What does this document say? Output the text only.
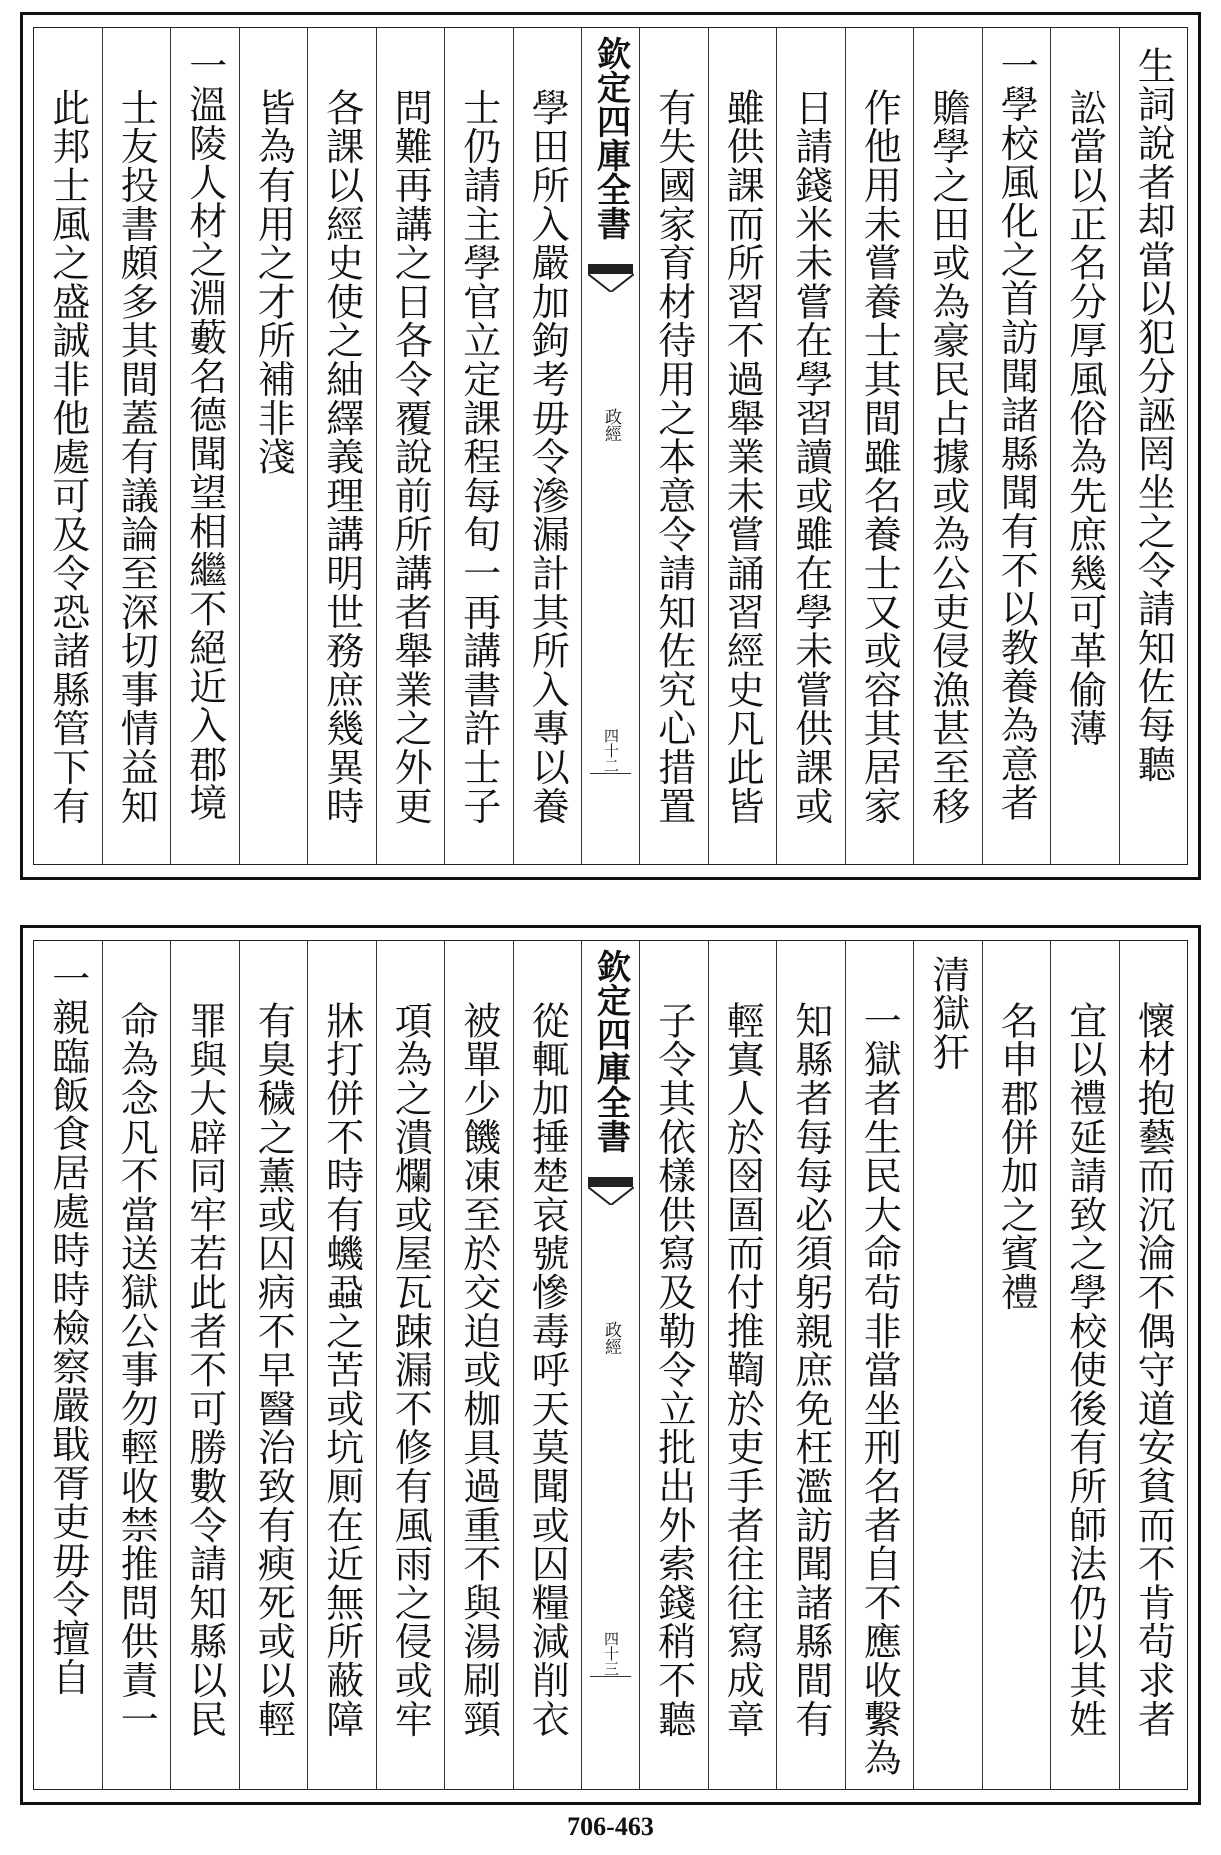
生詞說者却當以犯分誣罔坐之令請知佐每聽
訟當以正名分厚風俗為先庶幾可革偷薄
一學校風化之首訪聞諸縣聞有不以教養為意者
贍學之田或為豪民占據或為公吏侵漁甚至移
作他用未嘗養士其間雖名養士又或容其居家
日請錢米未嘗在學習讀或雖在學未嘗供課或
雖供課而所習不過舉業未嘗誦習經史凡此皆
有失國家育材待用之本意令請知佐究心措置
欽定四庫全書
政經
四十二
學田所入嚴加鉤考毋令滲漏計其所入專以養
士仍請主學官立定課程每旬一再講書許士子
問難再講之日各令覆說前所講者舉業之外更
各課以經史使之紬繹義理講明世務庶幾異時
皆為有用之才所補非淺
一溫陵人材之淵藪名德聞望相繼不絕近入郡境
士友投書頗多其間蓋有議論至深切事情益知
此邦士風之盛誠非他處可及令恐諸縣管下有
懷材抱藝而沉淪不偶守道安貧而不肯茍求者
宜以禮延請致之學校使後有所師法仍以其姓
名申郡併加之賓禮
清獄犴
一獄者生民大命茍非當坐刑名者自不應收繫為
知縣者每每必須躬親庶免枉濫訪聞諸縣間有
輕寘人於囹圄而付推鞫於吏手者往往寫成章
子令其依樣供寫及勒令立批出外索錢稍不聽
欽定四庫全書
政經
四十三
從輒加捶楚哀號慘毒呼天莫聞或囚糧減削衣
被單少饑凍至於交迫或枷具過重不與湯刷頸
項為之潰爛或屋瓦踈漏不修有風雨之侵或牢
牀打併不時有蟣蝨之苦或坑厠在近無所蔽障
有臭穢之薰或囚病不早醫治致有瘐死或以輕
罪與大辟同牢若此者不可勝數令請知縣以民
命為念凡不當送獄公事勿輕收禁推問供責一
一親臨飯食居處時時檢察嚴戢胥吏毋令擅自
706-463
